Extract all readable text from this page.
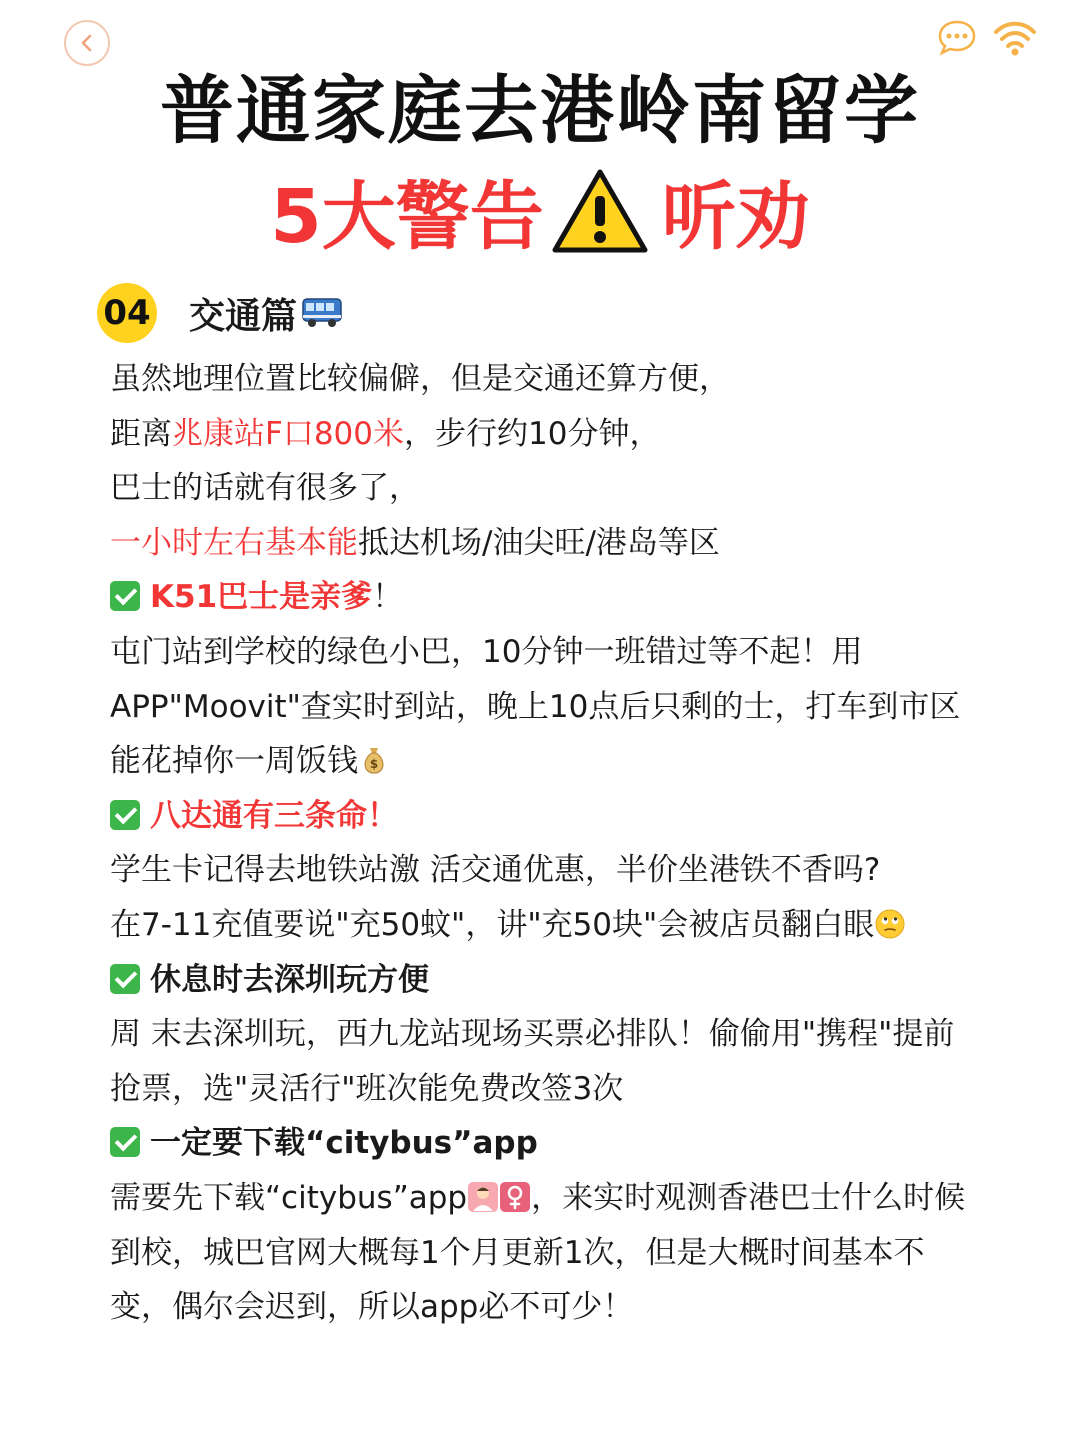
普通家庭去港岭南留学
5大警告 听劝
04 交通篇
虽然地理位置比较偏僻，但是交通还算方便，
距离兆康站F口800米，步行约10分钟，
巴士的话就有很多了，
一小时左右基本能抵达机场/油尖旺/港岛等区
K51巴士是亲爹！
屯门站到学校的绿色小巴，10分钟一班错过等不起！用
APP"Moovit"查实时到站，晚上10点后只剩的士，打车到市区
能花掉你一周饭钱 $
八达通有三条命！
学生卡记得去地铁站激 活交通优惠，半价坐港铁不香吗?
在7-11充值要说"充50蚊"，讲"充50块"会被店员翻白眼
休息时去深圳玩方便
周 末去深圳玩，西九龙站现场买票必排队！偷偷用"携程"提前
抢票，选"灵活行"班次能免费改签3次
一定要下载“citybus”app
需要先下载“citybus”app ，来实时观测香港巴士什么时候
到校，城巴官网大概每1个月更新1次，但是大概时间基本不
变，偶尔会迟到，所以app必不可少！
